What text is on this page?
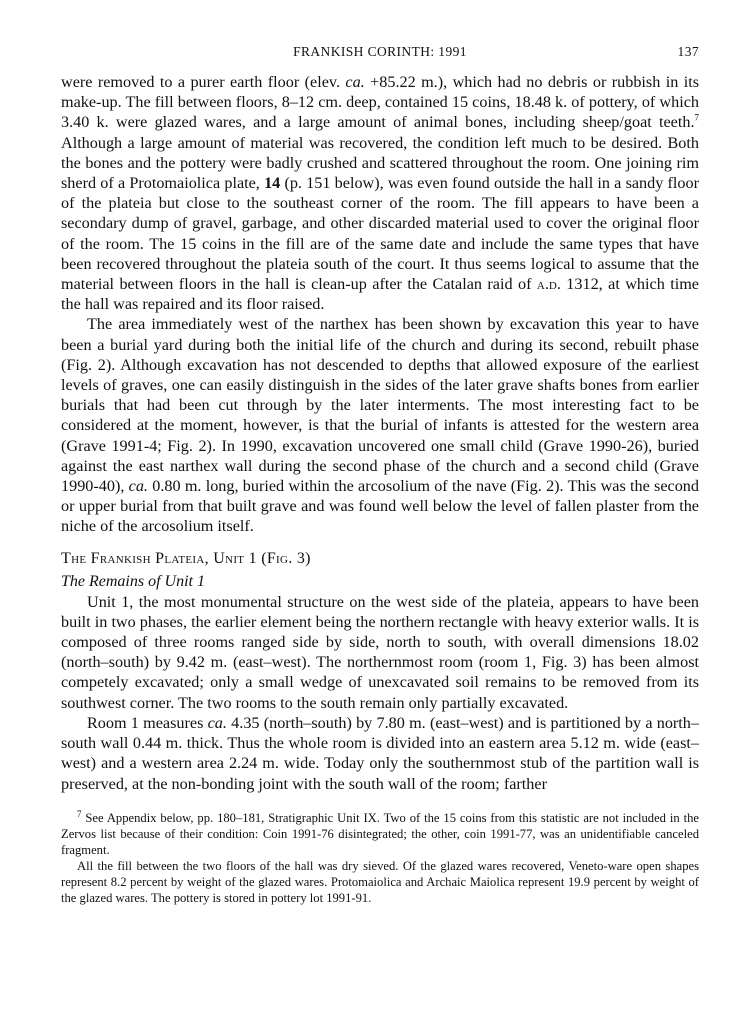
FRANKISH CORINTH: 1991	137

were removed to a purer earth floor (elev. ca. +85.22 m.), which had no debris or rubbish in its make-up. The fill between floors, 8–12 cm. deep, contained 15 coins, 18.48 k. of pottery, of which 3.40 k. were glazed wares, and a large amount of animal bones, including sheep/goat teeth.$^7$ Although a large amount of material was recovered, the condition left much to be desired. Both the bones and the pottery were badly crushed and scattered throughout the room. One joining rim sherd of a Protomaiolica plate, 14 (p. 151 below), was even found outside the hall in a sandy floor of the plateia but close to the southeast corner of the room. The fill appears to have been a secondary dump of gravel, garbage, and other discarded material used to cover the original floor of the room. The 15 coins in the fill are of the same date and include the same types that have been recovered throughout the plateia south of the court. It thus seems logical to assume that the material between floors in the hall is clean-up after the Catalan raid of a.d. 1312, at which time the hall was repaired and its floor raised.

The area immediately west of the narthex has been shown by excavation this year to have been a burial yard during both the initial life of the church and during its second, rebuilt phase (Fig. 2). Although excavation has not descended to depths that allowed exposure of the earliest levels of graves, one can easily distinguish in the sides of the later grave shafts bones from earlier burials that had been cut through by the later interments. The most interesting fact to be considered at the moment, however, is that the burial of infants is attested for the western area (Grave 1991-4; Fig. 2). In 1990, excavation uncovered one small child (Grave 1990-26), buried against the east narthex wall during the second phase of the church and a second child (Grave 1990-40), ca. 0.80 m. long, buried within the arcosolium of the nave (Fig. 2). This was the second or upper burial from that built grave and was found well below the level of fallen plaster from the niche of the arcosolium itself.

The Frankish Plateia, Unit 1 (Fig. 3)
The Remains of Unit 1

Unit 1, the most monumental structure on the west side of the plateia, appears to have been built in two phases, the earlier element being the northern rectangle with heavy exterior walls. It is composed of three rooms ranged side by side, north to south, with overall dimensions 18.02 (north–south) by 9.42 m. (east–west). The northernmost room (room 1, Fig. 3) has been almost competely excavated; only a small wedge of unexcavated soil remains to be removed from its southwest corner. The two rooms to the south remain only partially excavated.

Room 1 measures ca. 4.35 (north–south) by 7.80 m. (east–west) and is partitioned by a north–south wall 0.44 m. thick. Thus the whole room is divided into an eastern area 5.12 m. wide (east–west) and a western area 2.24 m. wide. Today only the southernmost stub of the partition wall is preserved, at the non-bonding joint with the south wall of the room; farther

$^7$ See Appendix below, pp. 180–181, Stratigraphic Unit IX. Two of the 15 coins from this statistic are not included in the Zervos list because of their condition: Coin 1991-76 disintegrated; the other, coin 1991-77, was an unidentifiable canceled fragment.

All the fill between the two floors of the hall was dry sieved. Of the glazed wares recovered, Veneto-ware open shapes represent 8.2 percent by weight of the glazed wares. Protomaiolica and Archaic Maiolica represent 19.9 percent by weight of the glazed wares. The pottery is stored in pottery lot 1991-91.
